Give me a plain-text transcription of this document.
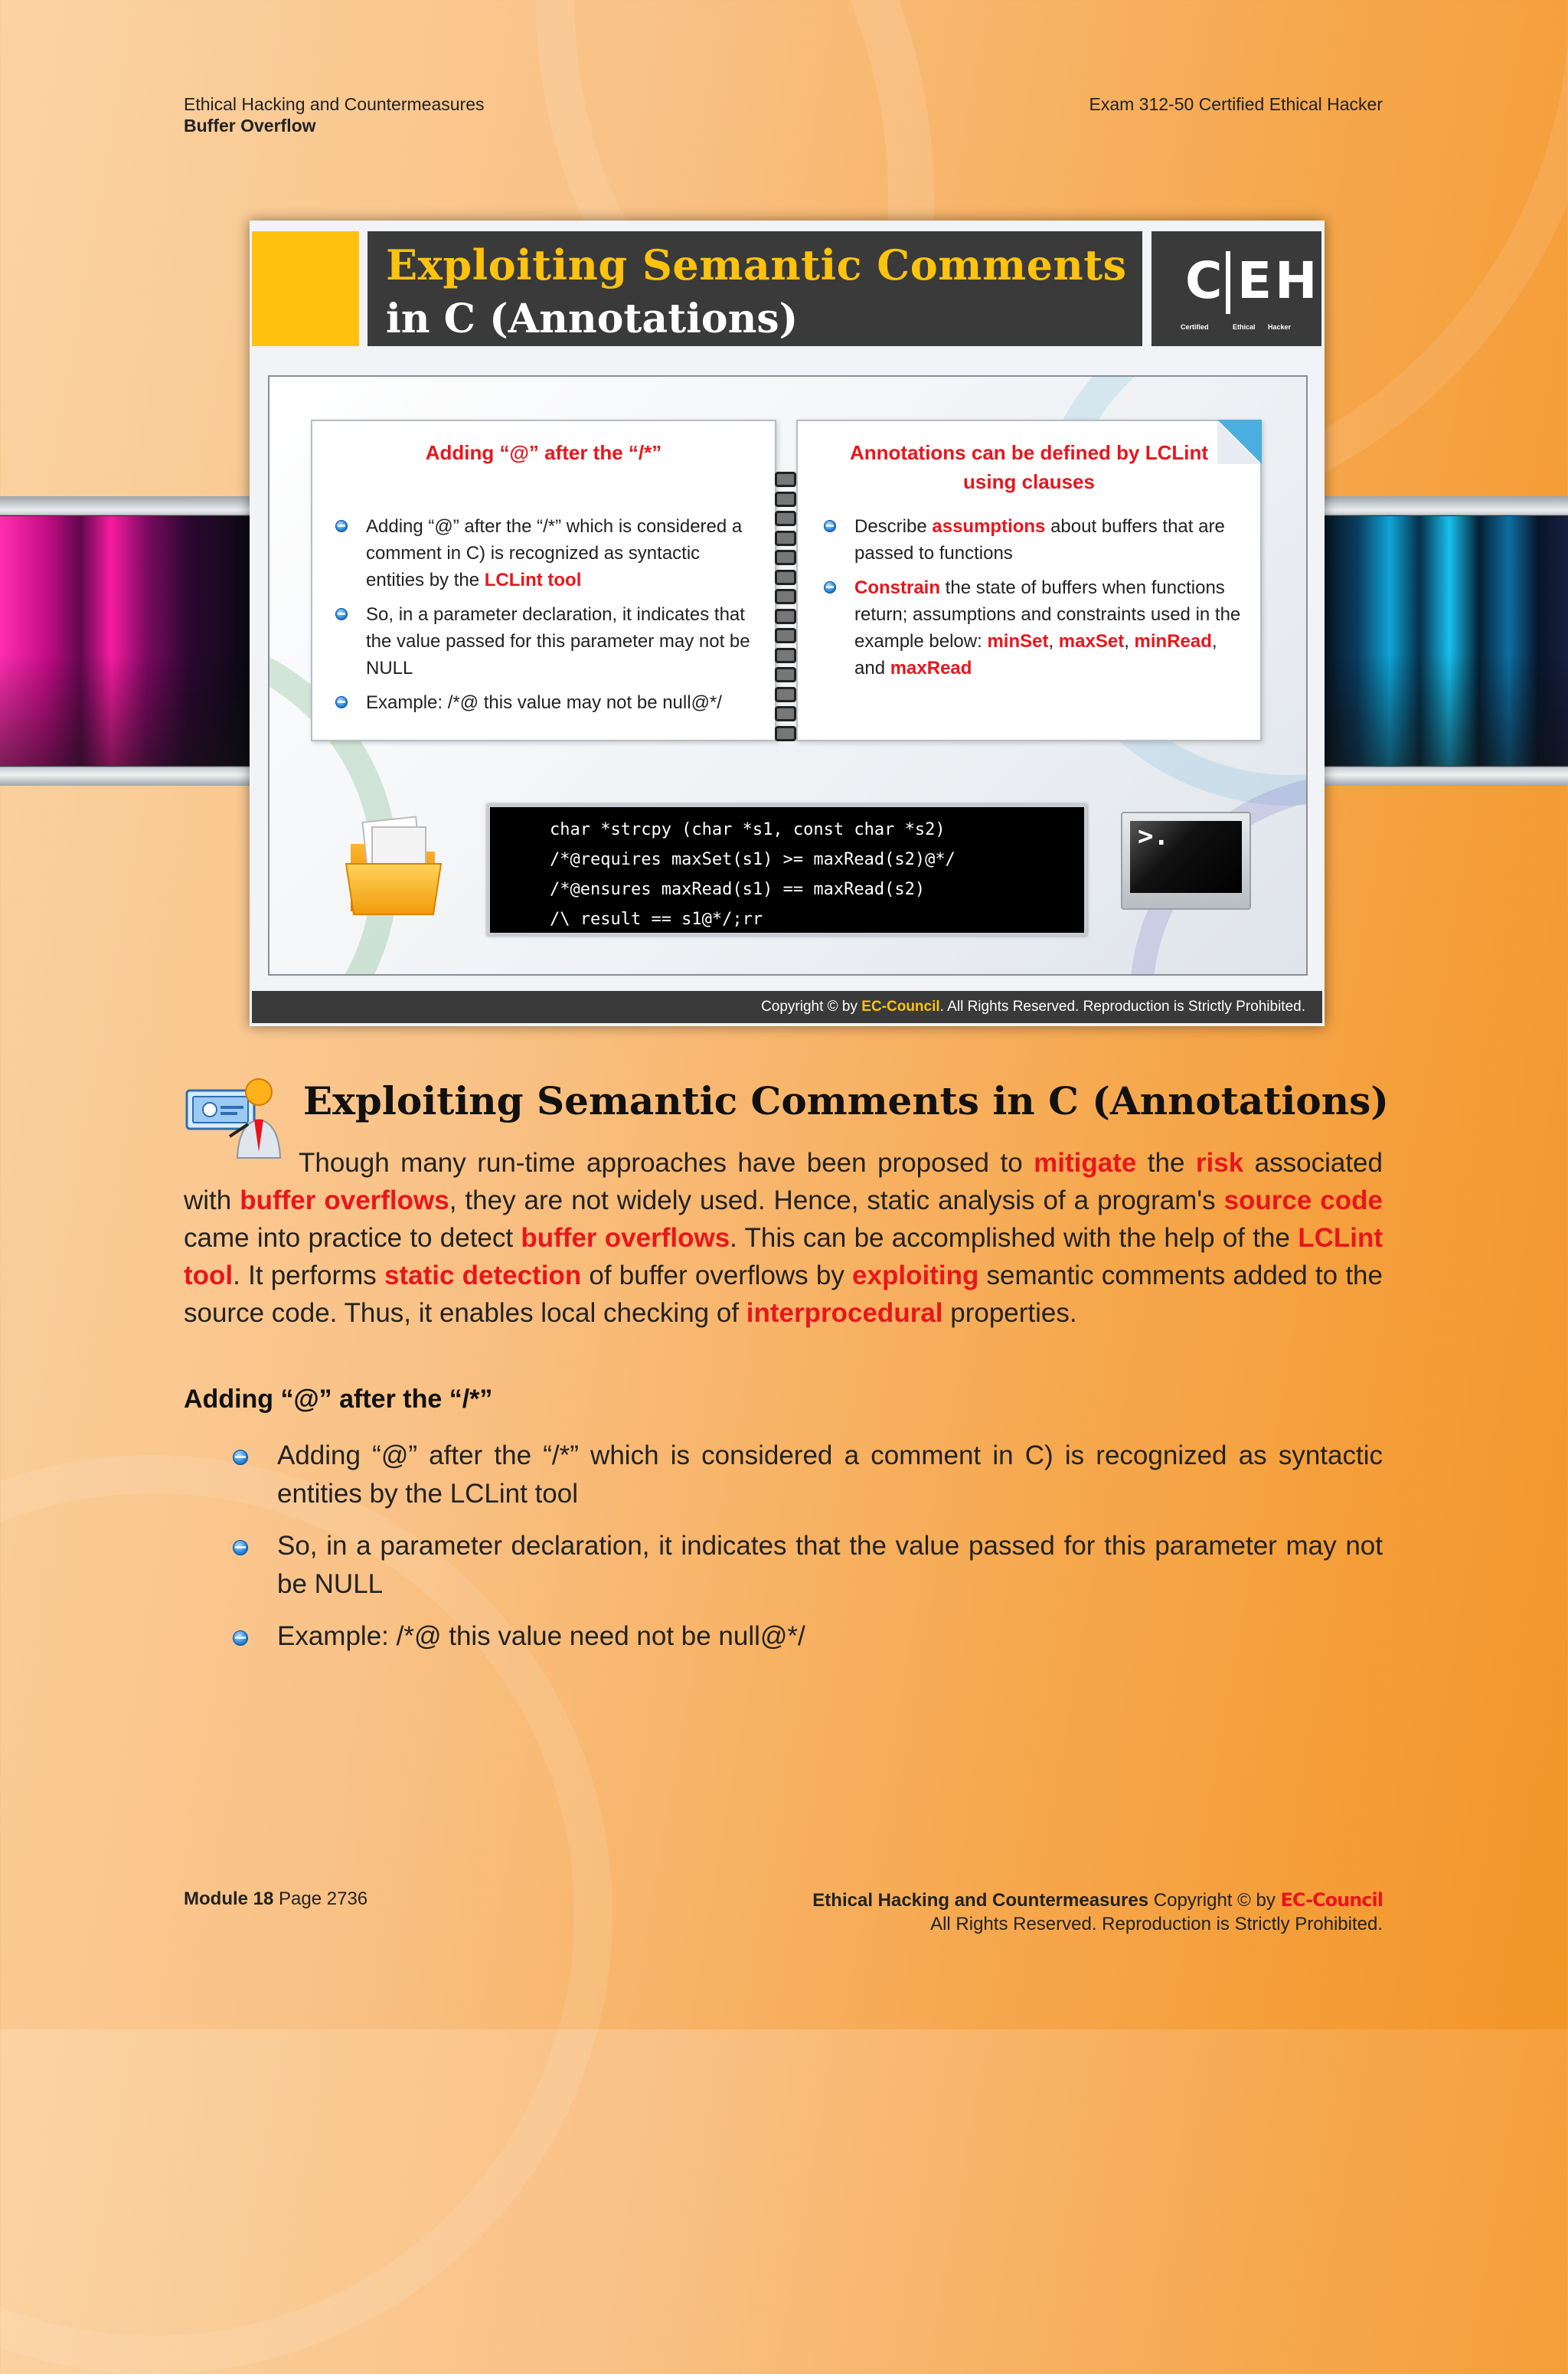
Ethical Hacking and Countermeasures
Buffer Overflow
Exam 312-50 Certified Ethical Hacker
Exploiting Semantic Comments
in C (Annotations)
C EH
Certified	Ethical Hacker
Adding “@” after the “/*”
Adding “@” after the “/*” which is considered a comment in C) is recognized as syntactic entities by the LCLint tool
So, in a parameter declaration, it indicates that the value passed for this parameter may not be NULL
Example: /*@ this value may not be null@*/
Annotations can be defined by LCLint using clauses
Describe assumptions about buffers that are passed to functions
Constrain the state of buffers when functions return; assumptions and constraints used in the example below: minSet, maxSet, minRead, and maxRead
char *strcpy (char *s1, const char *s2)
/*@requires maxSet(s1) >= maxRead(s2)@*/
/*@ensures maxRead(s1) == maxRead(s2)
/\ result == s1@*/;rr
>.
Copyright © by EC-Council. All Rights Reserved. Reproduction is Strictly Prohibited.
Exploiting Semantic Comments in C (Annotations)
Though many run-time approaches have been proposed to mitigate the risk associated with buffer overflows, they are not widely used. Hence, static analysis of a program's source code came into practice to detect buffer overflows. This can be accomplished with the help of the LCLint tool. It performs static detection of buffer overflows by exploiting semantic comments added to the source code. Thus, it enables local checking of interprocedural properties.
Adding “@” after the “/*”
Adding “@” after the “/*” which is considered a comment in C) is recognized as syntactic entities by the LCLint tool
So, in a parameter declaration, it indicates that the value passed for this parameter may not be NULL
Example: /*@ this value need not be null@*/
Module 18 Page 2736	Ethical Hacking and Countermeasures Copyright © by EC-Council
All Rights Reserved. Reproduction is Strictly Prohibited.
